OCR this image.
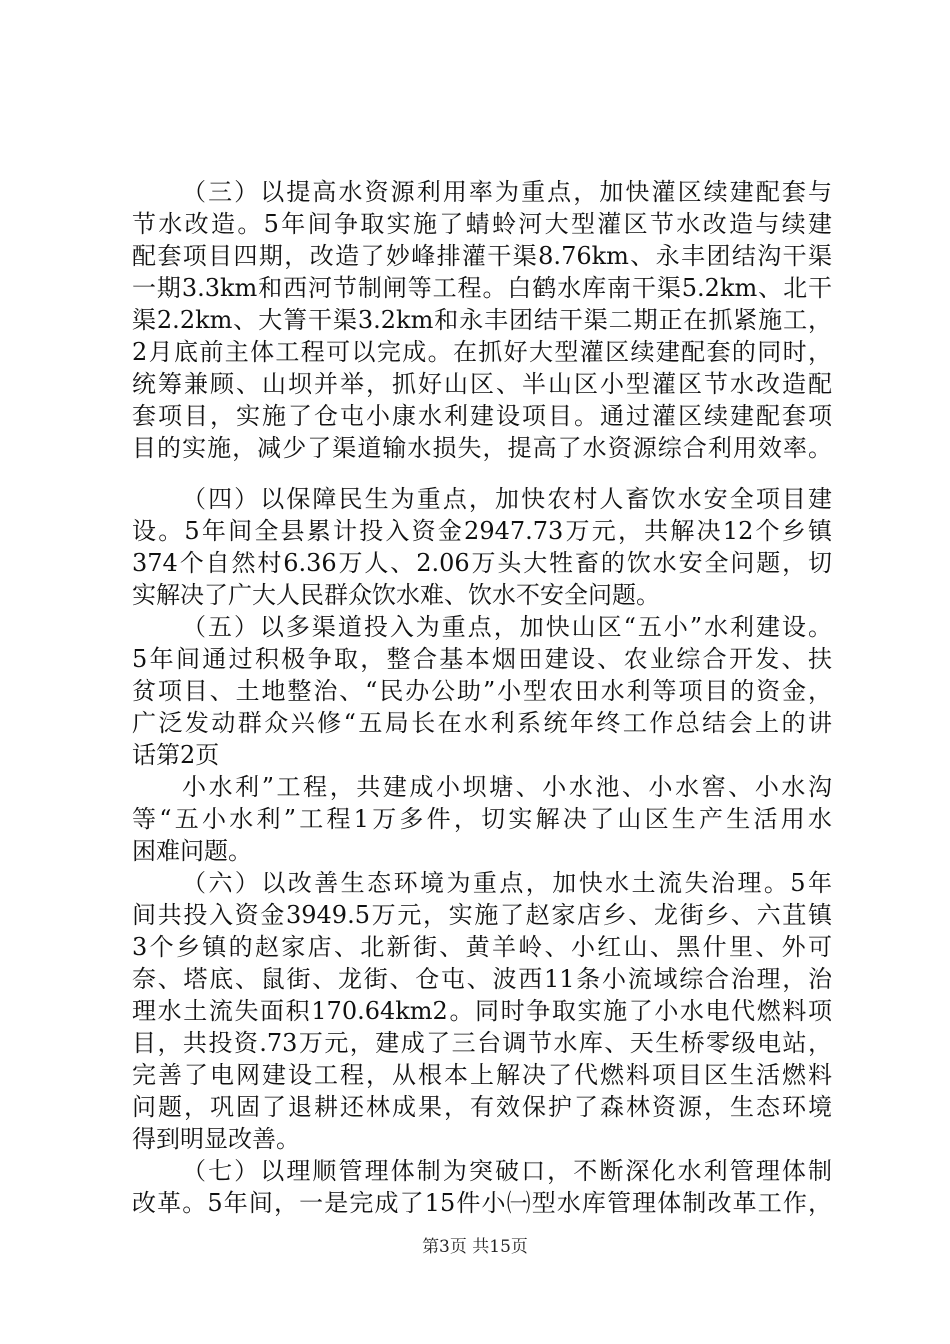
（三）以提高水资源利用率为重点，加快灌区续建配套与
节水改造。5年间争取实施了蜻蛉河大型灌区节水改造与续建
配套项目四期，改造了妙峰排灌干渠8.76km、永丰团结沟干渠
一期3.3km和西河节制闸等工程。白鹤水库南干渠5.2km、北干
渠2.2km、大箐干渠3.2km和永丰团结干渠二期正在抓紧施工，
2月底前主体工程可以完成。在抓好大型灌区续建配套的同时，
统筹兼顾、山坝并举，抓好山区、半山区小型灌区节水改造配
套项目，实施了仓屯小康水利建设项目。通过灌区续建配套项
目的实施，减少了渠道输水损失，提高了水资源综合利用效率。
（四）以保障民生为重点，加快农村人畜饮水安全项目建
设。5年间全县累计投入资金2947.73万元，共解决12个乡镇
374个自然村6.36万人、2.06万头大牲畜的饮水安全问题，切
实解决了广大人民群众饮水难、饮水不安全问题。
（五）以多渠道投入为重点，加快山区“五小”水利建设。
5年间通过积极争取，整合基本烟田建设、农业综合开发、扶
贫项目、土地整治、“民办公助”小型农田水利等项目的资金，
广泛发动群众兴修“五局长在水利系统年终工作总结会上的讲
话第2页
小水利”工程，共建成小坝塘、小水池、小水窖、小水沟
等“五小水利”工程1万多件，切实解决了山区生产生活用水
困难问题。
（六）以改善生态环境为重点，加快水土流失治理。5年
间共投入资金3949.5万元，实施了赵家店乡、龙街乡、六苴镇
3个乡镇的赵家店、北新街、黄羊岭、小红山、黑什里、外可
奈、塔底、鼠街、龙街、仓屯、波西11条小流域综合治理，治
理水土流失面积170.64km2。同时争取实施了小水电代燃料项
目，共投资.73万元，建成了三台调节水库、天生桥零级电站，
完善了电网建设工程，从根本上解决了代燃料项目区生活燃料
问题，巩固了退耕还林成果，有效保护了森林资源，生态环境
得到明显改善。
（七）以理顺管理体制为突破口，不断深化水利管理体制
改革。5年间，一是完成了15件小㈠型水库管理体制改革工作，
第3页 共15页
